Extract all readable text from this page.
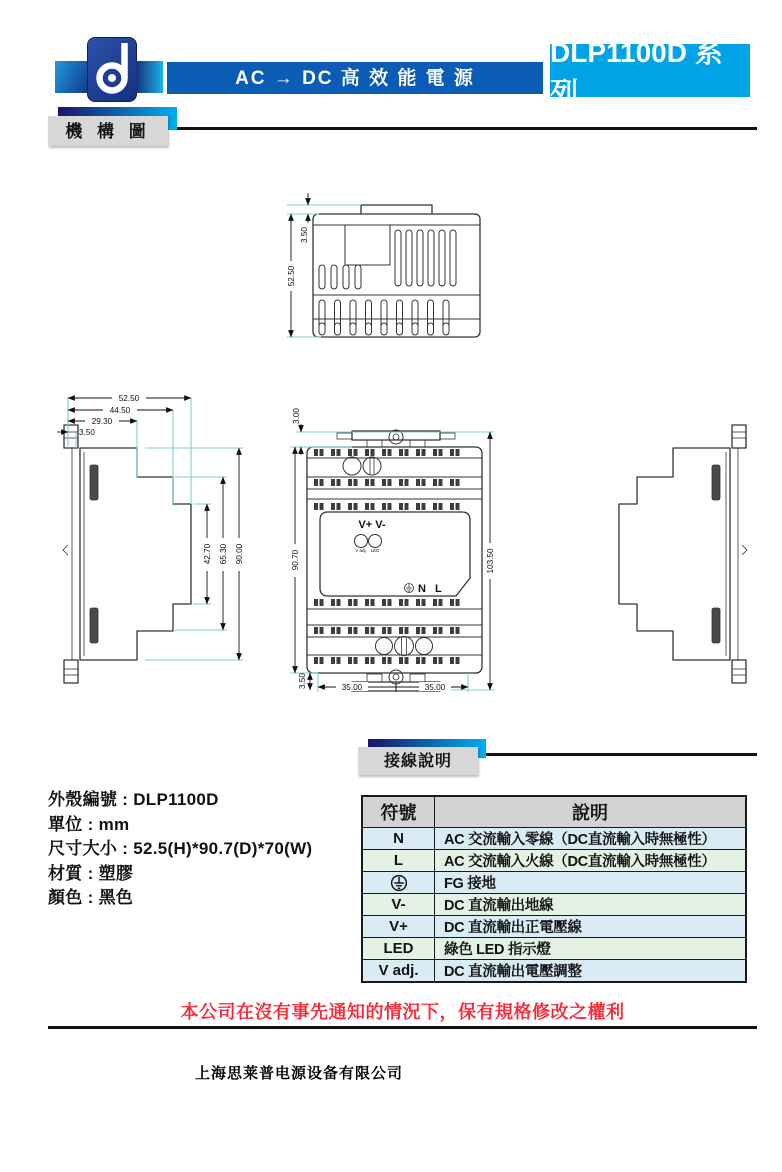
AC → DC 高 效 能 電 源
DLP1100D 系列
機 構 圖
52.50
3.50
52.50
44.50
29.30
3.50
42.70 65.30 90.00
V+ V-
V adj. LED
N L
3.00
90.70	103.50
3.50	35.00	35.00
接線說明
外殼編號 : DLP1100D
單位 : mm
尺寸大小 : 52.5(H)*90.7(D)*70(W)
材質 : 塑膠
顏色 : 黑色
符號	說明
N	AC 交流輸入零線（DC直流輸入時無極性）
L	AC 交流輸入火線（DC直流輸入時無極性）
	FG 接地
V-	DC 直流輸出地線
V+	DC 直流輸出正電壓線
LED	綠色 LED 指示燈
V adj.	DC 直流輸出電壓調整
本公司在沒有事先通知的情況下，保有規格修改之權利
上海思莱普电源设备有限公司
